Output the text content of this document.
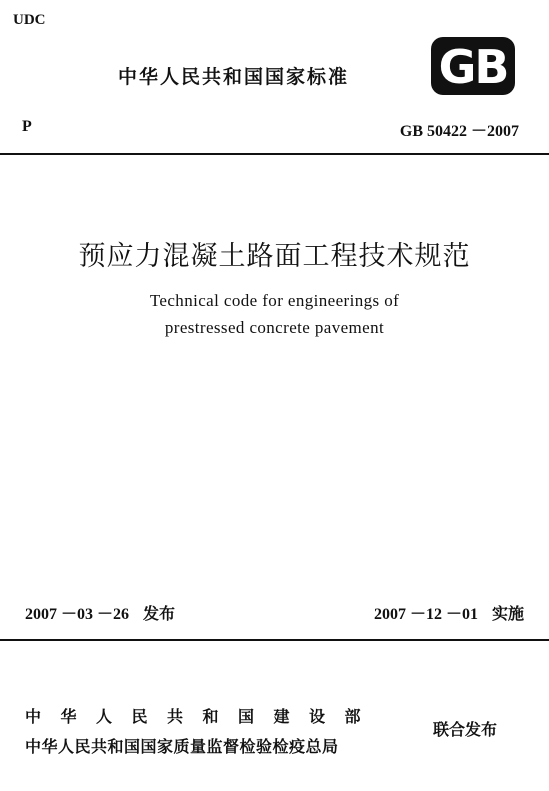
UDC
中华人民共和国国家标准 GB
P	GB 50422 －2007
预应力混凝土路面工程技术规范
Technical code for engineerings of
prestressed concrete pavement
2007 －03 －26 发布	2007 －12 －01 实施
中华人民共和国建设部
中华人民共和国国家质量监督检验检疫总局
联合发布
